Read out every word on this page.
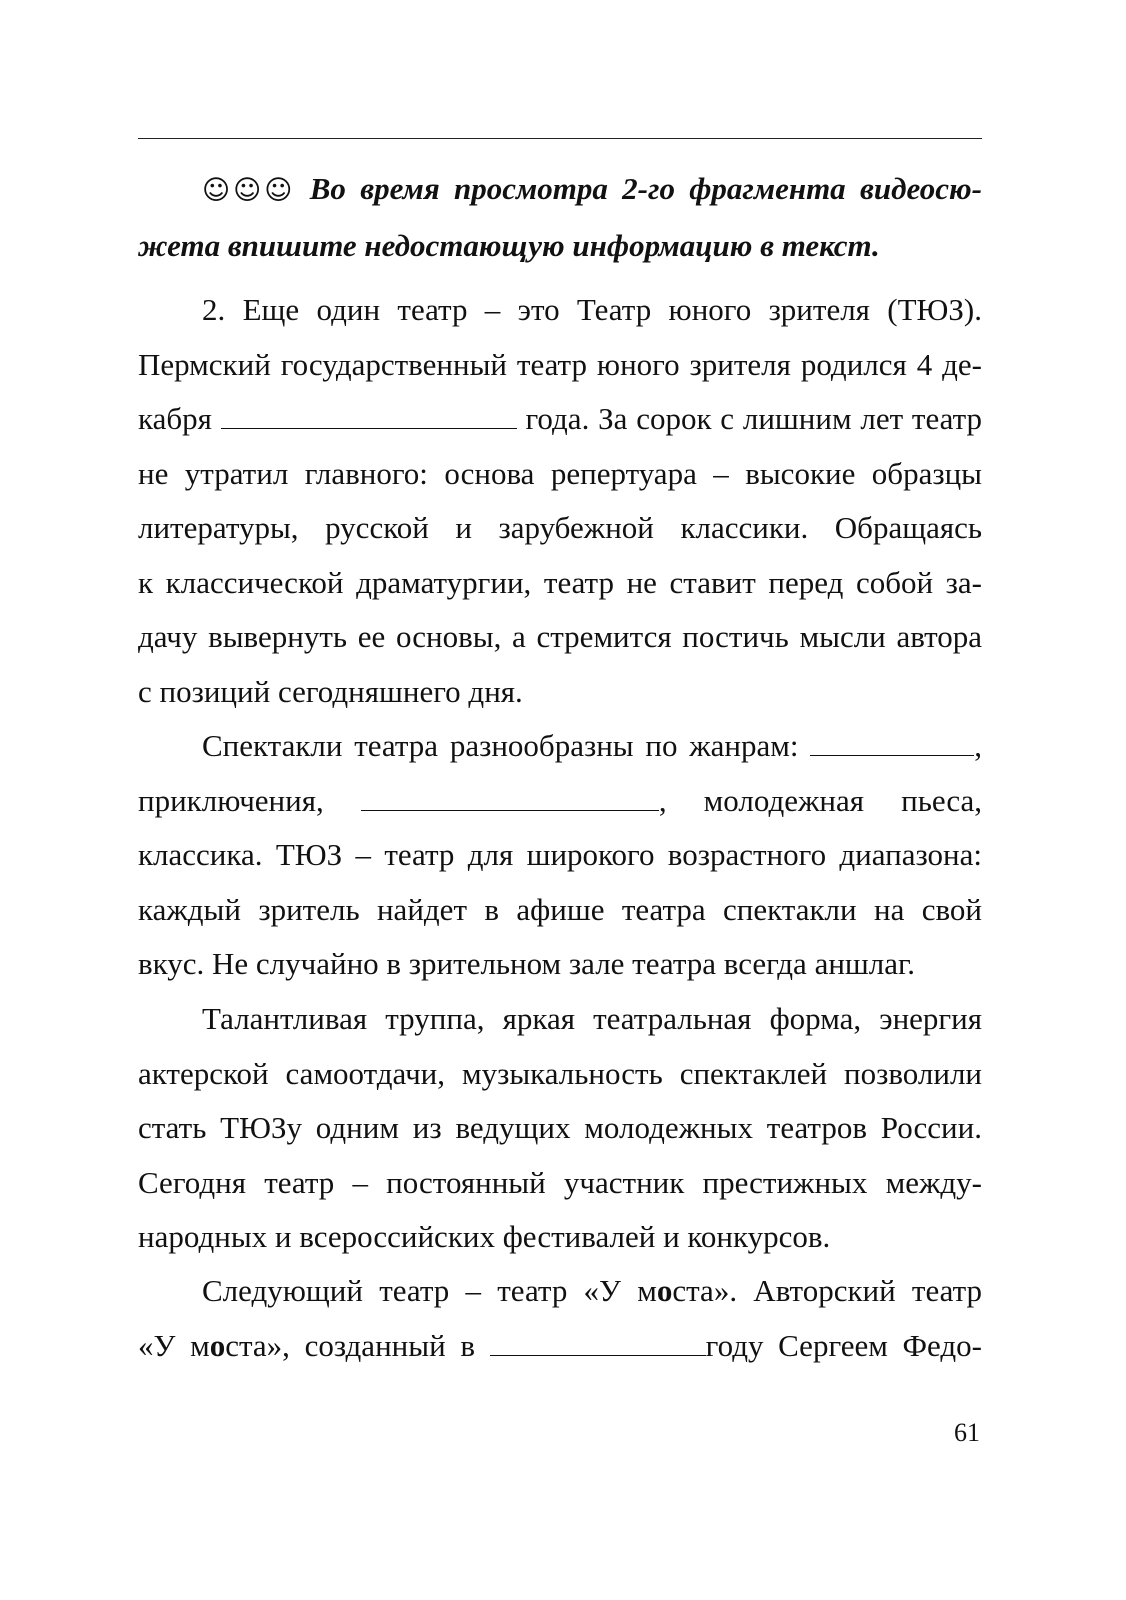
☺☺☺ Во время просмотра 2-го фрагмента видеосю-
жета впишите недостающую информацию в текст.
2. Еще один театр – это Театр юного зрителя (ТЮЗ).
Пермский государственный театр юного зрителя родился 4 де-
кабря	года. За сорок с лишним лет театр
не утратил главного: основа репертуара – высокие образцы
литературы, русской и зарубежной классики. Обращаясь
к классической драматургии, театр не ставит перед собой за-
дачу вывернуть ее основы, а стремится постичь мысли автора
с позиций сегодняшнего дня.
Спектакли театра разнообразны по жанрам:	,
приключения,	, молодежная пьеса,
классика. ТЮЗ – театр для широкого возрастного диапазона:
каждый зритель найдет в афише театра спектакли на свой
вкус. Не случайно в зрительном зале театра всегда аншлаг.
Талантливая труппа, яркая театральная форма, энергия
актерской самоотдачи, музыкальность спектаклей позволили
стать ТЮЗу одним из ведущих молодежных театров России.
Сегодня театр – постоянный участник престижных между-
народных и всероссийских фестивалей и конкурсов.
Следующий театр – театр «У моста». Авторский театр
«У моста», созданный в	году Сергеем Федо-
61
